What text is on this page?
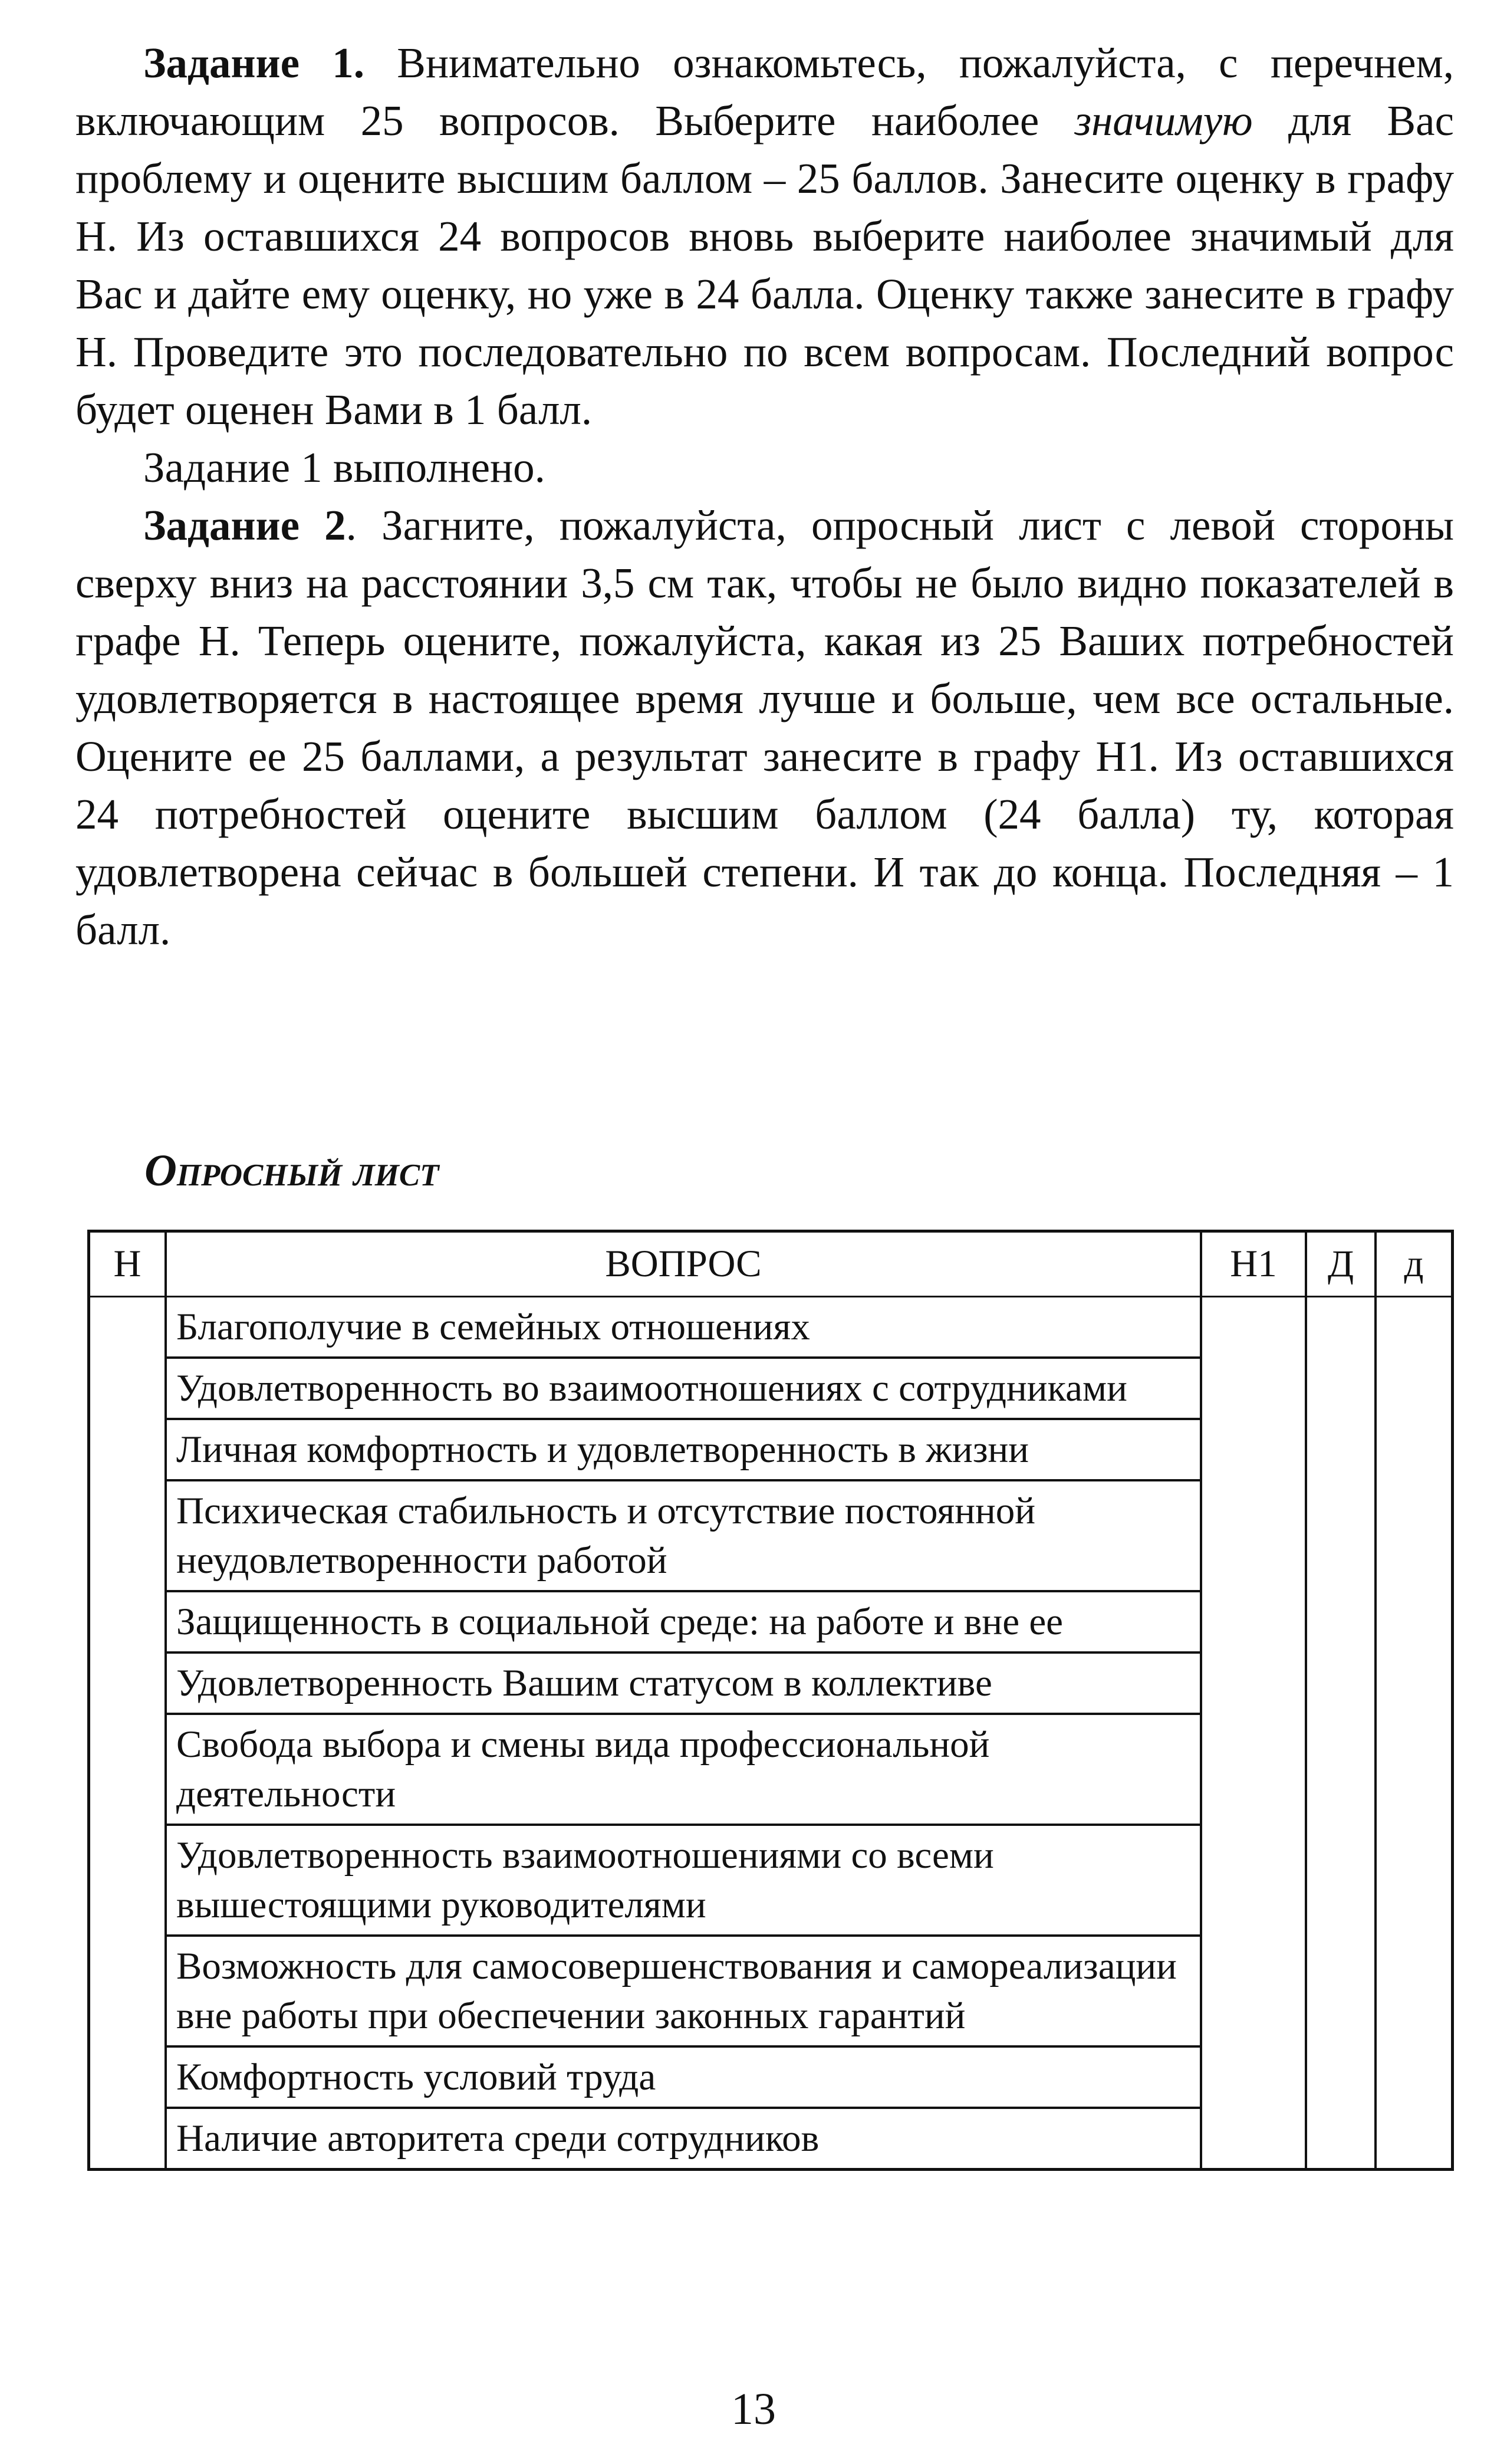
Задание 1. Внимательно ознакомьтесь, пожалуйста, с перечнем, включающим 25 вопросов. Выберите наиболее значимую для Вас проблему и оцените высшим баллом – 25 баллов. Занесите оценку в графу Н. Из оставшихся 24 вопросов вновь выберите наиболее значимый для Вас и дайте ему оценку, но уже в 24 балла. Оценку также занесите в графу Н. Проведите это последовательно по всем вопросам. Последний вопрос будет оценен Вами в 1 балл.

Задание 1 выполнено.

Задание 2. Загните, пожалуйста, опросный лист с левой стороны сверху вниз на расстоянии 3,5 см так, чтобы не было видно показателей в графе Н. Теперь оцените, пожалуйста, какая из 25 Ваших потребностей удовлетворяется в настоящее время лучше и больше, чем все остальные. Оцените ее 25 баллами, а результат занесите в графу Н1. Из оставшихся 24 потребностей оцените высшим баллом (24 балла) ту, которая удовлетворена сейчас в большей степени. И так до конца. Последняя – 1 балл.

Опросный лист
Н	ВОПРОС	Н1	Д	д
Благополучие в семейных отношениях
Удовлетворенность во взаимоотношениях с сотрудниками
Личная комфортность и удовлетворенность в жизни
Психическая стабильность и отсутствие постоянной неудовлетворенности работой
Защищенность в социальной среде: на работе и вне ее
Удовлетворенность Вашим статусом в коллективе
Свобода выбора и смены вида профессиональной деятельности
Удовлетворенность взаимоотношениями со всеми вышестоящими руководителями
Возможность для самосовершенствования и самореализации вне работы при обеспечении законных гарантий
Комфортность условий труда
Наличие авторитета среди сотрудников
13
